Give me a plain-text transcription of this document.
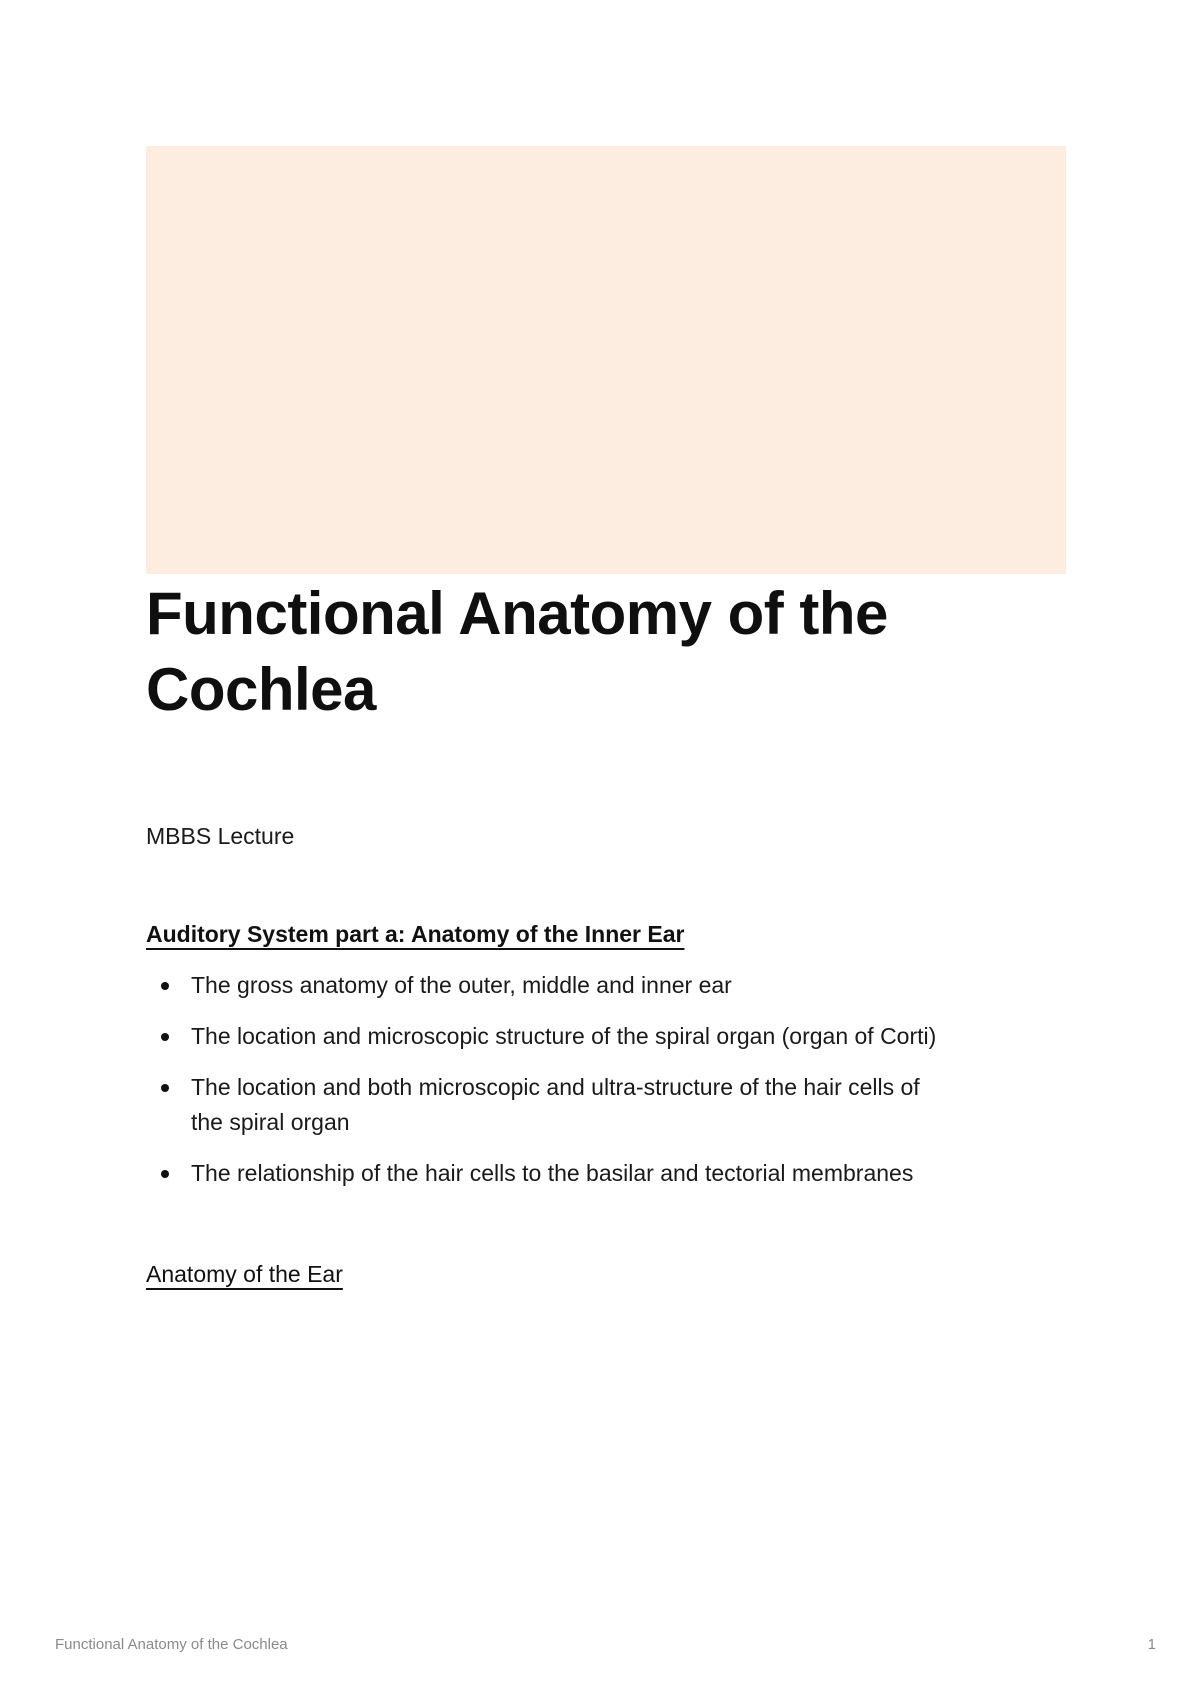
Functional Anatomy of the Cochlea
MBBS Lecture
Auditory System part a: Anatomy of the Inner Ear
The gross anatomy of the outer, middle and inner ear
The location and microscopic structure of the spiral organ (organ of Corti)
The location and both microscopic and ultra-structure of the hair cells of the spiral organ
The relationship of the hair cells to the basilar and tectorial membranes
Anatomy of the Ear
Functional Anatomy of the Cochlea	1
